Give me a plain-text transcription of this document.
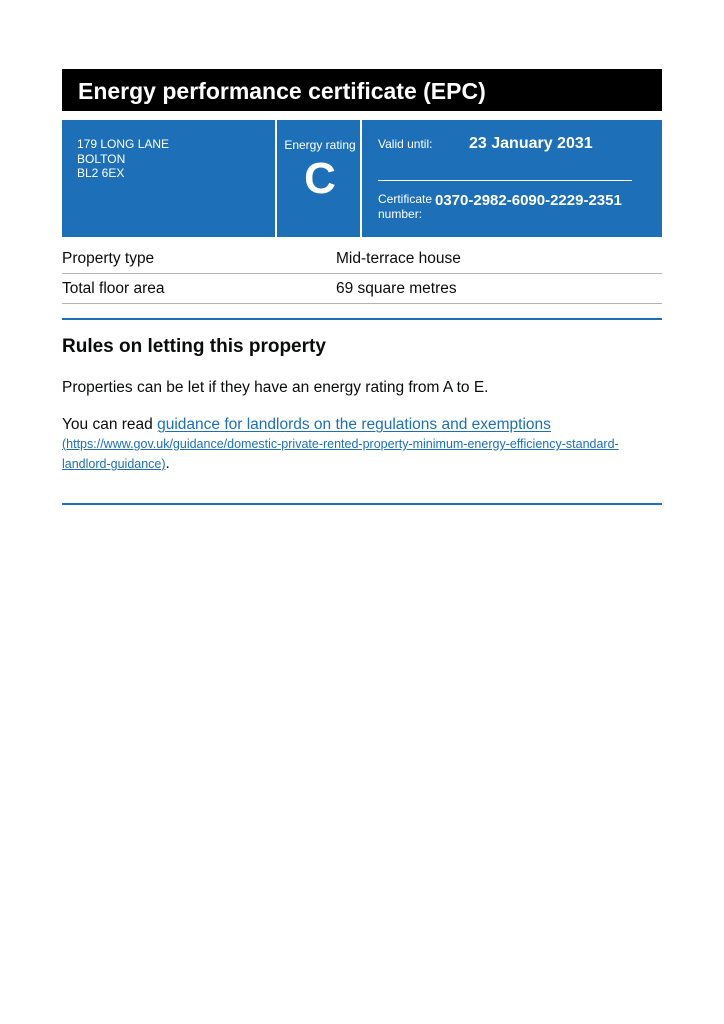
Energy performance certificate (EPC)
179 LONG LANE
BOLTON
BL2 6EX
Energy rating
C
Valid until: 23 January 2031
Certificate
number:
0370-2982-6090-2229-2351
Property type	Mid-terrace house
Total floor area	69 square metres
Rules on letting this property
Properties can be let if they have an energy rating from A to E.
You can read guidance for landlords on the regulations and exemptions
(https://www.gov.uk/guidance/domestic-private-rented-property-minimum-energy-efficiency-standard-landlord-guidance).
